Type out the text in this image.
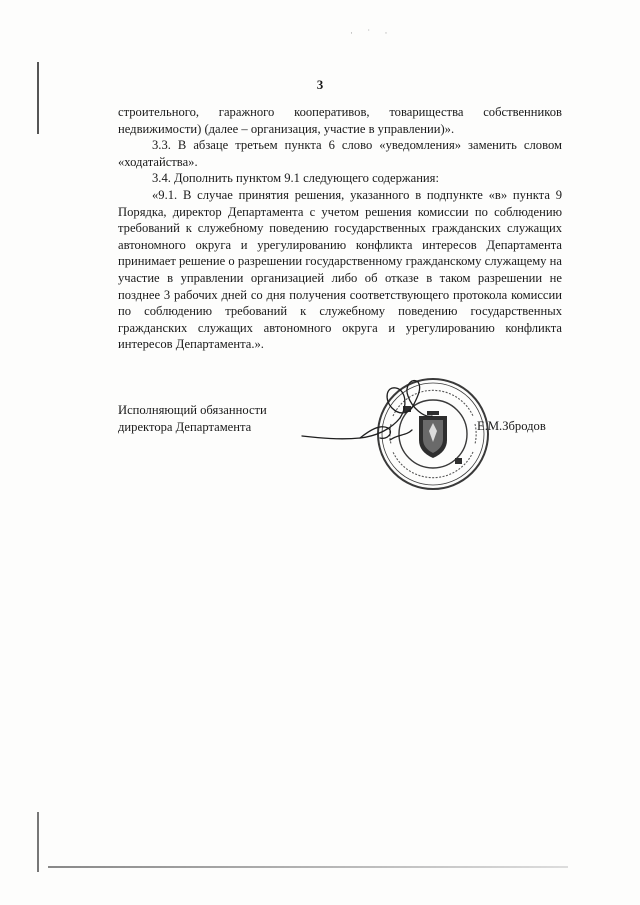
· ˙ ·
3

строительного, гаражного кооперативов, товарищества собственников недвижимости) (далее – организация, участие в управлении)».

3.3. В абзаце третьем пункта 6 слово «уведомления» заменить словом «ходатайства».

3.4. Дополнить пунктом 9.1 следующего содержания:

«9.1. В случае принятия решения, указанного в подпункте «в» пункта 9 Порядка, директор Департамента с учетом решения комиссии по соблюдению требований к служебному поведению государственных гражданских служащих автономного округа и урегулированию конфликта интересов Департамента принимает решение о разрешении государственному гражданскому служащему на участие в управлении организацией либо об отказе в таком разрешении не позднее 3 рабочих дней со дня получения соответствующего протокола комиссии по соблюдению требований к служебному поведению государственных гражданских служащих автономного округа и урегулированию конфликта интересов Департамента.».

Исполняющий обязанности
директора Департамента	Е.М.Збродов
